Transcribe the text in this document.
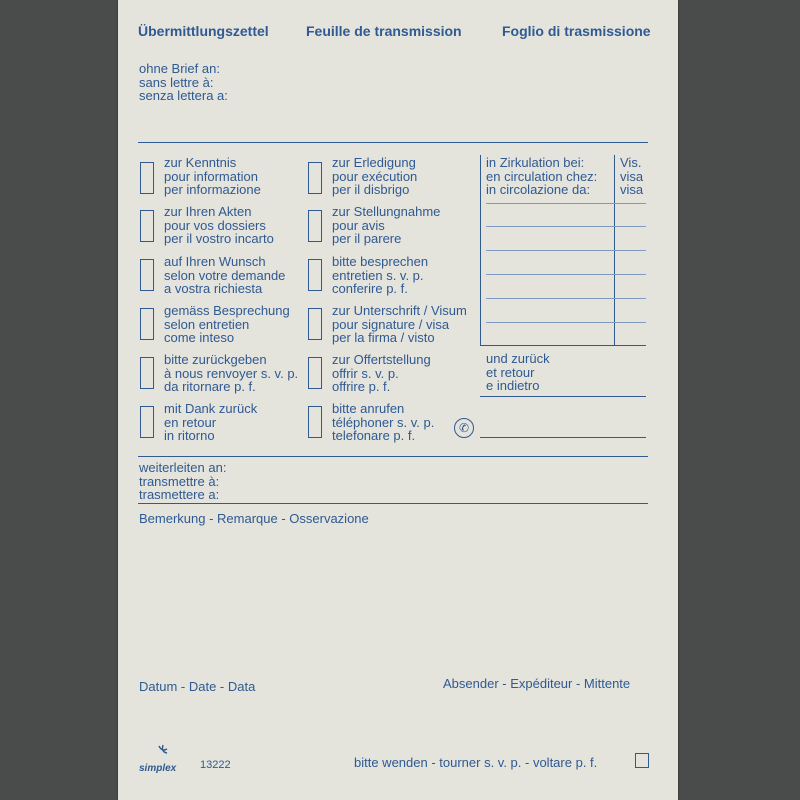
Übermittlungszettel	Feuille de transmission	Foglio di trasmissione
ohne Brief an:
sans lettre à:
senza lettera a:
zur Kenntnis
pour information
per informazione
zur Ihren Akten
pour vos dossiers
per il vostro incarto
auf Ihren Wunsch
selon votre demande
a vostra richiesta
gemäss Besprechung
selon entretien
come inteso
bitte zurückgeben
à nous renvoyer s. v. p.
da ritornare p. f.
mit Dank zurück
en retour
in ritorno
zur Erledigung
pour exécution
per il disbrigo
zur Stellungnahme
pour avis
per il parere
bitte besprechen
entretien s. v. p.
conferire p. f.
zur Unterschrift / Visum
pour signature / visa
per la firma / visto
zur Offertstellung
offrir s. v. p.
offrire p. f.
bitte anrufen
téléphoner s. v. p.
telefonare p. f.	✆
in Zirkulation bei:
en circulation chez:
in circolazione da:
Vis.
visa
visa
und zurück
et retour
e indietro
weiterleiten an:
transmettre à:
trasmettere a:
Bemerkung - Remarque - Osservazione
Datum - Date - Data	Absender - Expéditeur - Mittente
simplex 13222	bitte wenden - tourner s. v. p. - voltare p. f.
